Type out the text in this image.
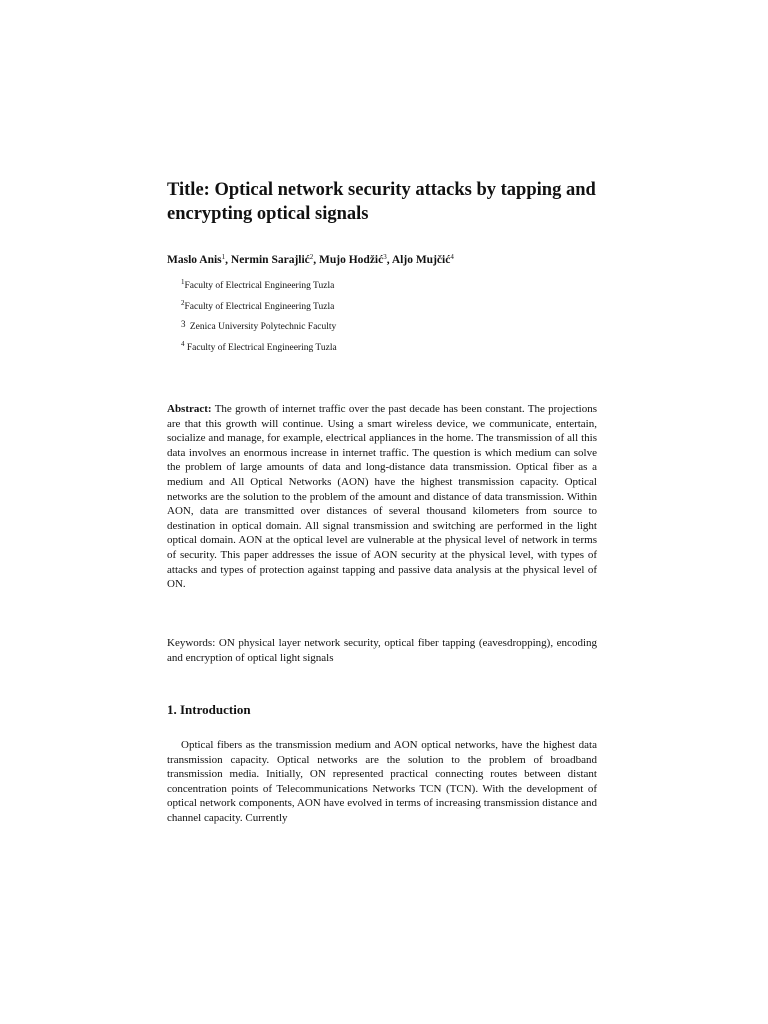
Title: Optical network security attacks by tapping and encrypting optical signals

Maslo Anis$^1$, Nermin Sarajlić$^2$, Mujo Hodžić$^3$, Aljo Mujčić$^4$

$^1$Faculty of Electrical Engineering Tuzla
$^2$Faculty of Electrical Engineering Tuzla
$^3$ Zenica University Polytechnic Faculty
$^4$ Faculty of Electrical Engineering Tuzla

Abstract: The growth of internet traffic over the past decade has been constant. The projections are that this growth will continue. Using a smart wireless device, we communicate, entertain, socialize and manage, for example, electrical appliances in the home. The transmission of all this data involves an enormous increase in internet traffic. The question is which medium can solve the problem of large amounts of data and long-distance data transmission. Optical fiber as a medium and All Optical Networks (AON) have the highest transmission capacity. Optical networks are the solution to the problem of the amount and distance of data transmission. Within AON, data are transmitted over distances of several thousand kilometers from source to destination in optical domain. All signal transmission and switching are performed in the light optical domain. AON at the optical level are vulnerable at the physical level of network in terms of security. This paper addresses the issue of AON security at the physical level, with types of attacks and types of protection against tapping and passive data analysis at the physical level of ON.

Keywords: ON physical layer network security, optical fiber tapping (eavesdropping), encoding and encryption of optical light signals

1. Introduction

Optical fibers as the transmission medium and AON optical networks, have the highest data transmission capacity. Optical networks are the solution to the problem of broadband transmission media. Initially, ON represented practical connecting routes between distant concentration points of Telecommunications Networks TCN (TCN). With the development of optical network components, AON have evolved in terms of increasing transmission distance and channel capacity. Currently
